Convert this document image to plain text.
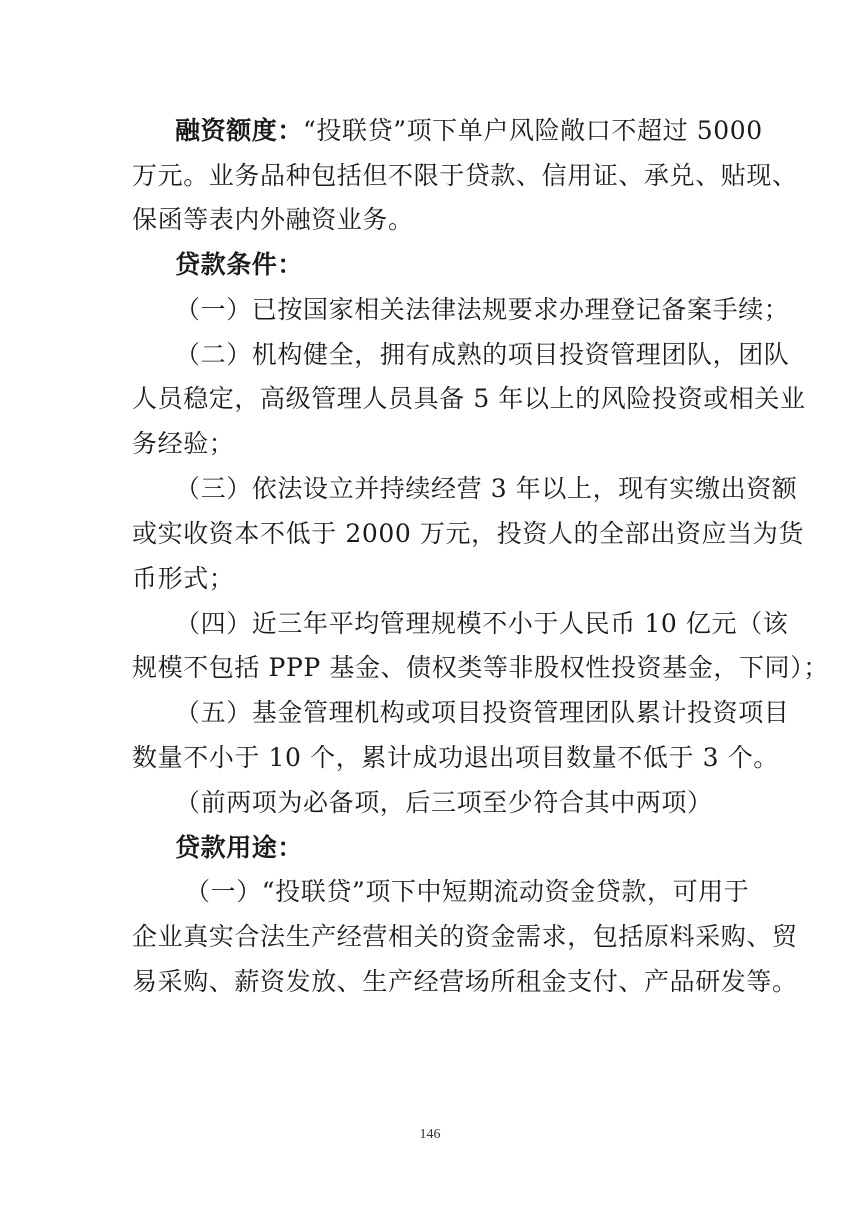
融资额度：“投联贷”项下单户风险敞口不超过 5000
万元。业务品种包括但不限于贷款、信用证、承兑、贴现、
保函等表内外融资业务。
贷款条件：
（一）已按国家相关法律法规要求办理登记备案手续；
（二）机构健全，拥有成熟的项目投资管理团队，团队
人员稳定，高级管理人员具备 5 年以上的风险投资或相关业
务经验；
（三）依法设立并持续经营 3 年以上，现有实缴出资额
或实收资本不低于 2000 万元，投资人的全部出资应当为货
币形式；
（四）近三年平均管理规模不小于人民币 10 亿元（该
规模不包括 PPP 基金、债权类等非股权性投资基金，下同）；
（五）基金管理机构或项目投资管理团队累计投资项目
数量不小于 10 个，累计成功退出项目数量不低于 3 个。
（前两项为必备项，后三项至少符合其中两项）
贷款用途：
（一）“投联贷”项下中短期流动资金贷款，可用于
企业真实合法生产经营相关的资金需求，包括原料采购、贸
易采购、薪资发放、生产经营场所租金支付、产品研发等。
146
